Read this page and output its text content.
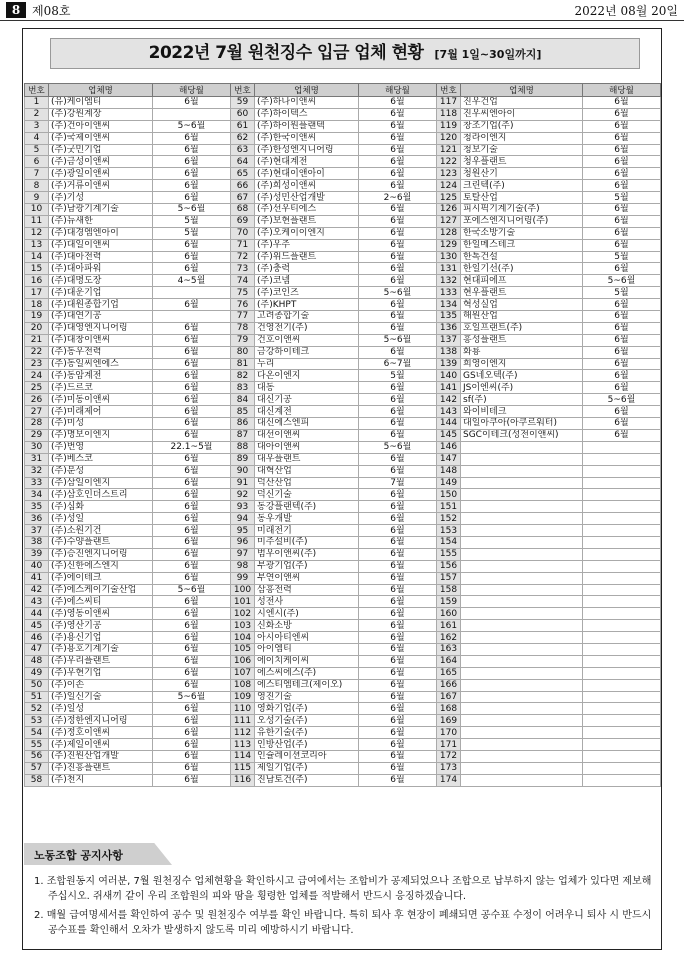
8 제08호	2022년 08월 20일
2022년 7월 원천징수 입금 업체 현황 [7월 1일~30일까지]
번호	업체명	해당월	번호	업체명	해당월	번호	업체명	해당월
1	(유)케이엠티	6월	59	(주)하나이앤씨	6월	117	진우건업	6월
2	(주)강원계장		60	(주)하이텍스	6월	118	진우씨엔아이	6월
3	(주)건아이앤씨	5~6월	61	(주)하이원플랜텍	6월	119	창조기업(주)	6월
4	(주)국제이앤씨	6월	62	(주)한국이앤씨	6월	120	청라이엔지	6월
5	(주)굿민기업	6월	63	(주)한성엔지니어링	6월	121	청보기술	6월
6	(주)금성이앤씨	6월	64	(주)현대계전	6월	122	청우플랜트	6월
7	(주)광일이앤씨	6월	65	(주)현대이앤아이	6월	123	청원산기	6월
8	(주)거류이앤씨	6월	66	(주)희성이앤씨	6월	124	크린텍(주)	6월
9	(주)기성	6월	67	(주)성민산업개발	2~6월	125	토탈산업	5월
10	(주)남광기계기술	5~6월	68	(주)선우티에스	6월	126	피시픽기계기술(주)	6월
11	(주)뉴새한	5월	69	(주)보현플랜트	6월	127	포에스엔지니어링(주)	6월
12	(주)대경엠엔아이	5월	70	(주)오케이이엔지	6월	128	한국소방기술	6월
13	(주)대일이앤씨	6월	71	(주)우주	6월	129	한일메스테크	6월
14	(주)대아전력	6월	72	(주)위드플랜트	6월	130	한톡건설	5월
15	(주)대아파워	6월	73	(주)충력	6월	131	한일기선(주)	6월
16	(주)대명도장	4~5월	74	(주)코넴	6월	132	현대피에프	5~6월
17	(주)대운기업		75	(주)코인즈	5~6월	133	현우플랜트	5월
18	(주)대원종합기업	6월	76	(주)KHPT	6월	134	혁성실업	6월
19	(주)대연기공		77	고려종합기술	6월	135	해원산업	6월
20	(주)대영엔지니어링	6월	78	건영전기(주)	6월	136	호일프랜트(주)	6월
21	(주)대창이앤씨	6월	79	건호이앤씨	5~6월	137	흥성플랜트	6월
22	(주)동우전력	6월	80	금강하이테크	6월	138	화룡	6월
23	(주)동일씨엔에스	6월	81	누리	6~7월	139	희영이엔지	6월
24	(주)동암계전	6월	82	다온이엔지	5월	140	GS네오텍(주)	6월
25	(주)드르코	6월	83	대동	6월	141	JS이엔씨(주)	6월
26	(주)미동이앤씨	6월	84	대신기공	6월	142	sf(주)	5~6월
27	(주)미래제어	6월	85	대신계전	6월	143	와이비테크	6월
28	(주)미성	6월	86	대신에스엔피	6월	144	대일아쿠아(아쿠르워터)	6월
29	(주)명보이엔지	6월	87	대선이앤씨	6월	145	SGC이테크(성전이앤씨)	6월
30	(주)번영	22.1~5월	88	대아이앤씨	5~6월	146		
31	(주)베스코	6월	89	대우플랜트	6월	147		
32	(주)분성	6월	90	대혁산업	6월	148		
33	(주)삼일이엔지	6월	91	덕산산업	7월	149		
34	(주)삼호인더스트리	6월	92	덕신기술	6월	150		
35	(주)심화	6월	93	동강플랜텍(주)	6월	151		
36	(주)성일	6월	94	동우개발	6월	152		
37	(주)소원기건	6월	95	미래전기	6월	153		
38	(주)수양플랜트	6월	96	미주설비(주)	6월	154		
39	(주)승진엔지니어링	6월	97	범우이앤씨(주)	6월	155		
40	(주)신한에스엔지	6월	98	부광기업(주)	6월	156		
41	(주)에이테크	6월	99	부연이앤씨	6월	157		
42	(주)에스케이기술산업	5~6월	100	삼흥전력	6월	158		
43	(주)에스씨티	6월	101	성전사	6월	159		
44	(주)영동이앤씨	6월	102	시엔시(주)	6월	160		
45	(주)영산기공	6월	103	신화소방	6월	161		
46	(주)용신기업	6월	104	아시아티엔씨	6월	162		
47	(주)용호기계기술	6월	105	아이엠티	6월	163		
48	(주)우리플랜트	6월	106	에이치케이씨	6월	164		
49	(주)우현기업	6월	107	에스씨에스(주)	6월	165		
50	(주)이손	6월	108	에스티엠테크(제이오)	6월	166		
51	(주)일신기술	5~6월	109	영진기술	6월	167		
52	(주)일성	6월	110	영화기업(주)	6월	168		
53	(주)정한엔지니어링	6월	111	오성기술(주)	6월	169		
54	(주)정호이앤씨	6월	112	유한기술(주)	6월	170		
55	(주)제일이앤씨	6월	113	인방산업(주)	6월	171		
56	(주)진원산업개발	6월	114	인슐레이션코리아	6월	172		
57	(주)진흥플랜트	6월	115	제일기업(주)	6월	173		
58	(주)천지	6월	116	진남토건(주)	6월	174		
노동조합 공지사항

1. 조합원동지 여러분, 7월 원천징수 업체현황을 확인하시고 급여에서는 조합비가 공제되었으나 조합으로 납부하지 않는 업체가 있다면 제보해 주십시오. 쥐새끼 같이 우리 조합원의 피와 땀을 횡령한 업체를 적발해서 반드시 응징하겠습니다.

2. 매월 급여명세서를 확인하여 공수 및 원천징수 여부를 확인 바랍니다. 특히 퇴사 후 현장이 폐쇄되면 공수표 수정이 어려우니 퇴사 시 반드시 공수표를 확인해서 오차가 발생하지 않도록 미리 예방하시기 바랍니다.
